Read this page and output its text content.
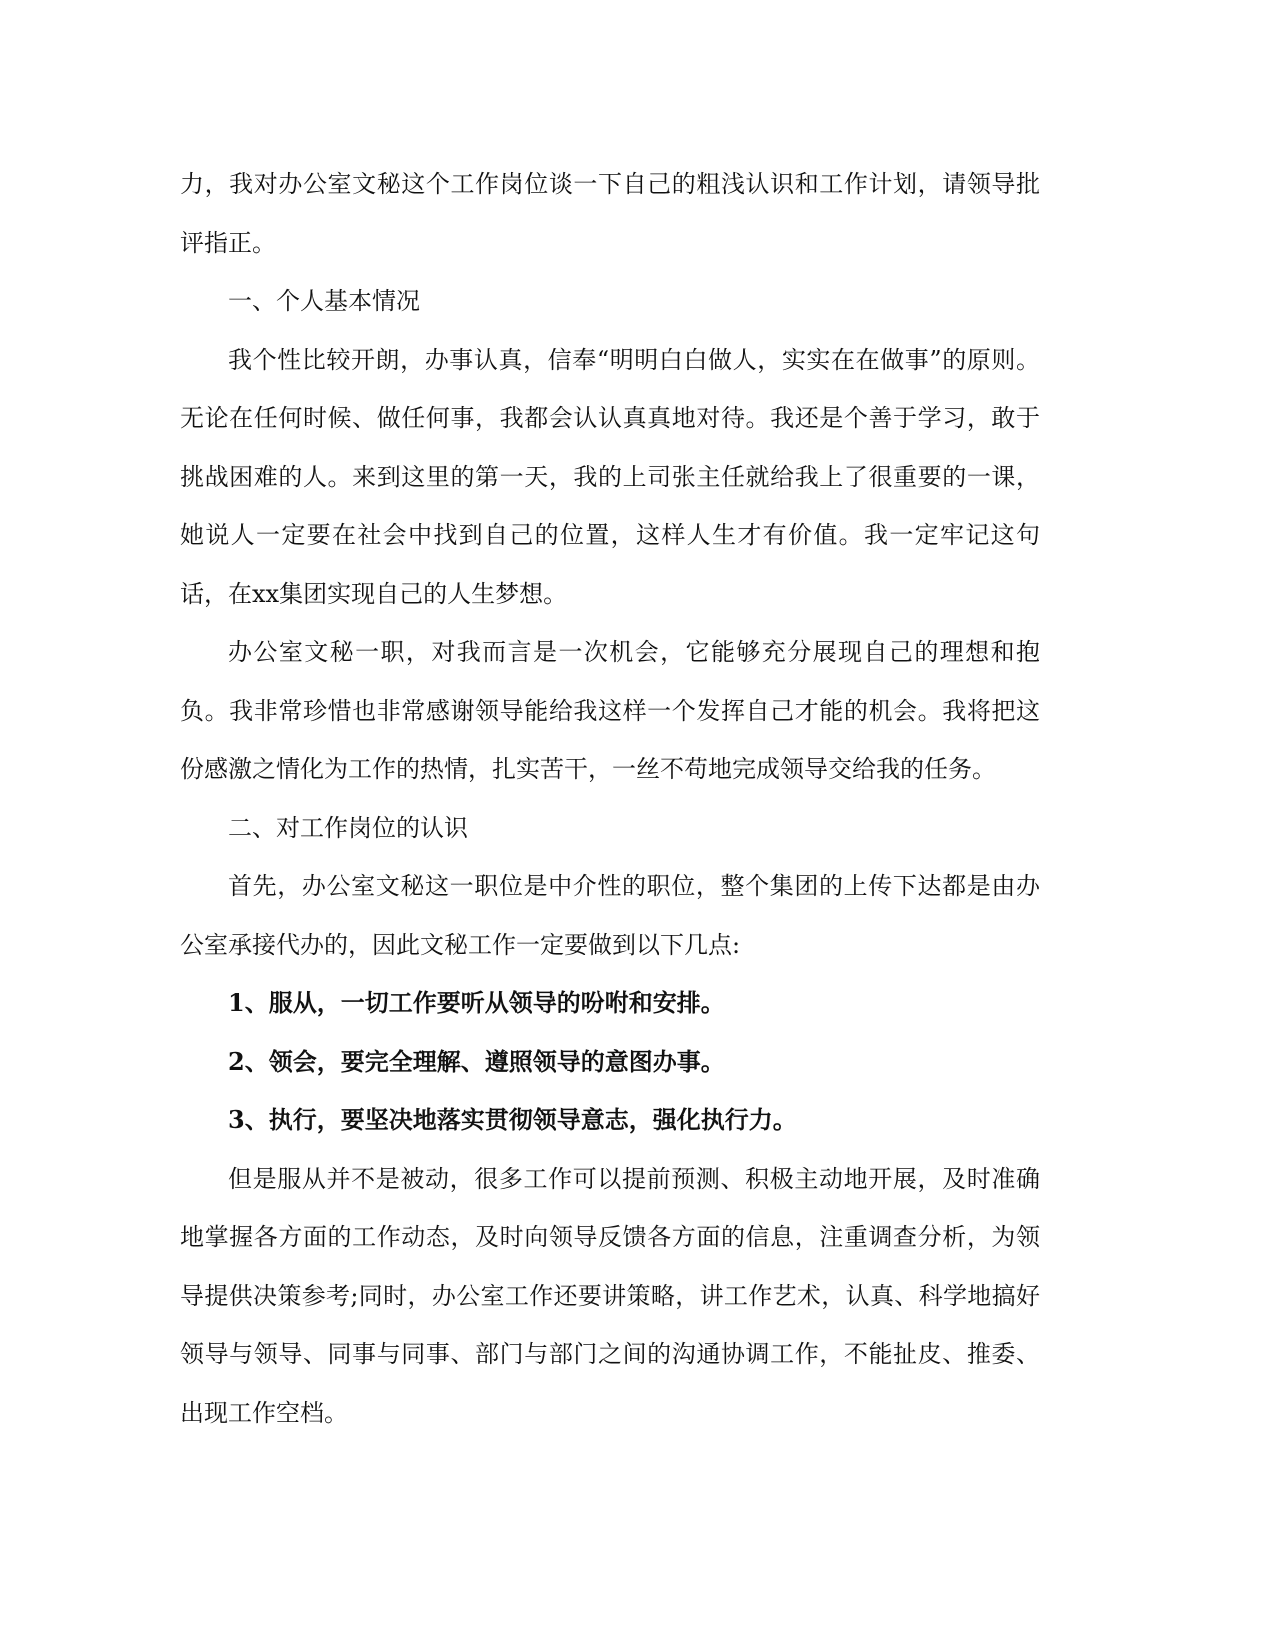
力，我对办公室文秘这个工作岗位谈一下自己的粗浅认识和工作计划，请领导批评指正。

一、个人基本情况

我个性比较开朗，办事认真，信奉“明明白白做人，实实在在做事”的原则。无论在任何时候、做任何事，我都会认认真真地对待。我还是个善于学习，敢于挑战困难的人。来到这里的第一天，我的上司张主任就给我上了很重要的一课，她说人一定要在社会中找到自己的位置，这样人生才有价值。我一定牢记这句话，在xx集团实现自己的人生梦想。

办公室文秘一职，对我而言是一次机会，它能够充分展现自己的理想和抱负。我非常珍惜也非常感谢领导能给我这样一个发挥自己才能的机会。我将把这份感激之情化为工作的热情，扎实苦干，一丝不苟地完成领导交给我的任务。

二、对工作岗位的认识

首先，办公室文秘这一职位是中介性的职位，整个集团的上传下达都是由办公室承接代办的，因此文秘工作一定要做到以下几点:

1、服从，一切工作要听从领导的吩咐和安排。

2、领会，要完全理解、遵照领导的意图办事。

3、执行，要坚决地落实贯彻领导意志，强化执行力。

但是服从并不是被动，很多工作可以提前预测、积极主动地开展，及时准确地掌握各方面的工作动态，及时向领导反馈各方面的信息，注重调查分析，为领导提供决策参考;同时，办公室工作还要讲策略，讲工作艺术，认真、科学地搞好领导与领导、同事与同事、部门与部门之间的沟通协调工作，不能扯皮、推委、出现工作空档。
